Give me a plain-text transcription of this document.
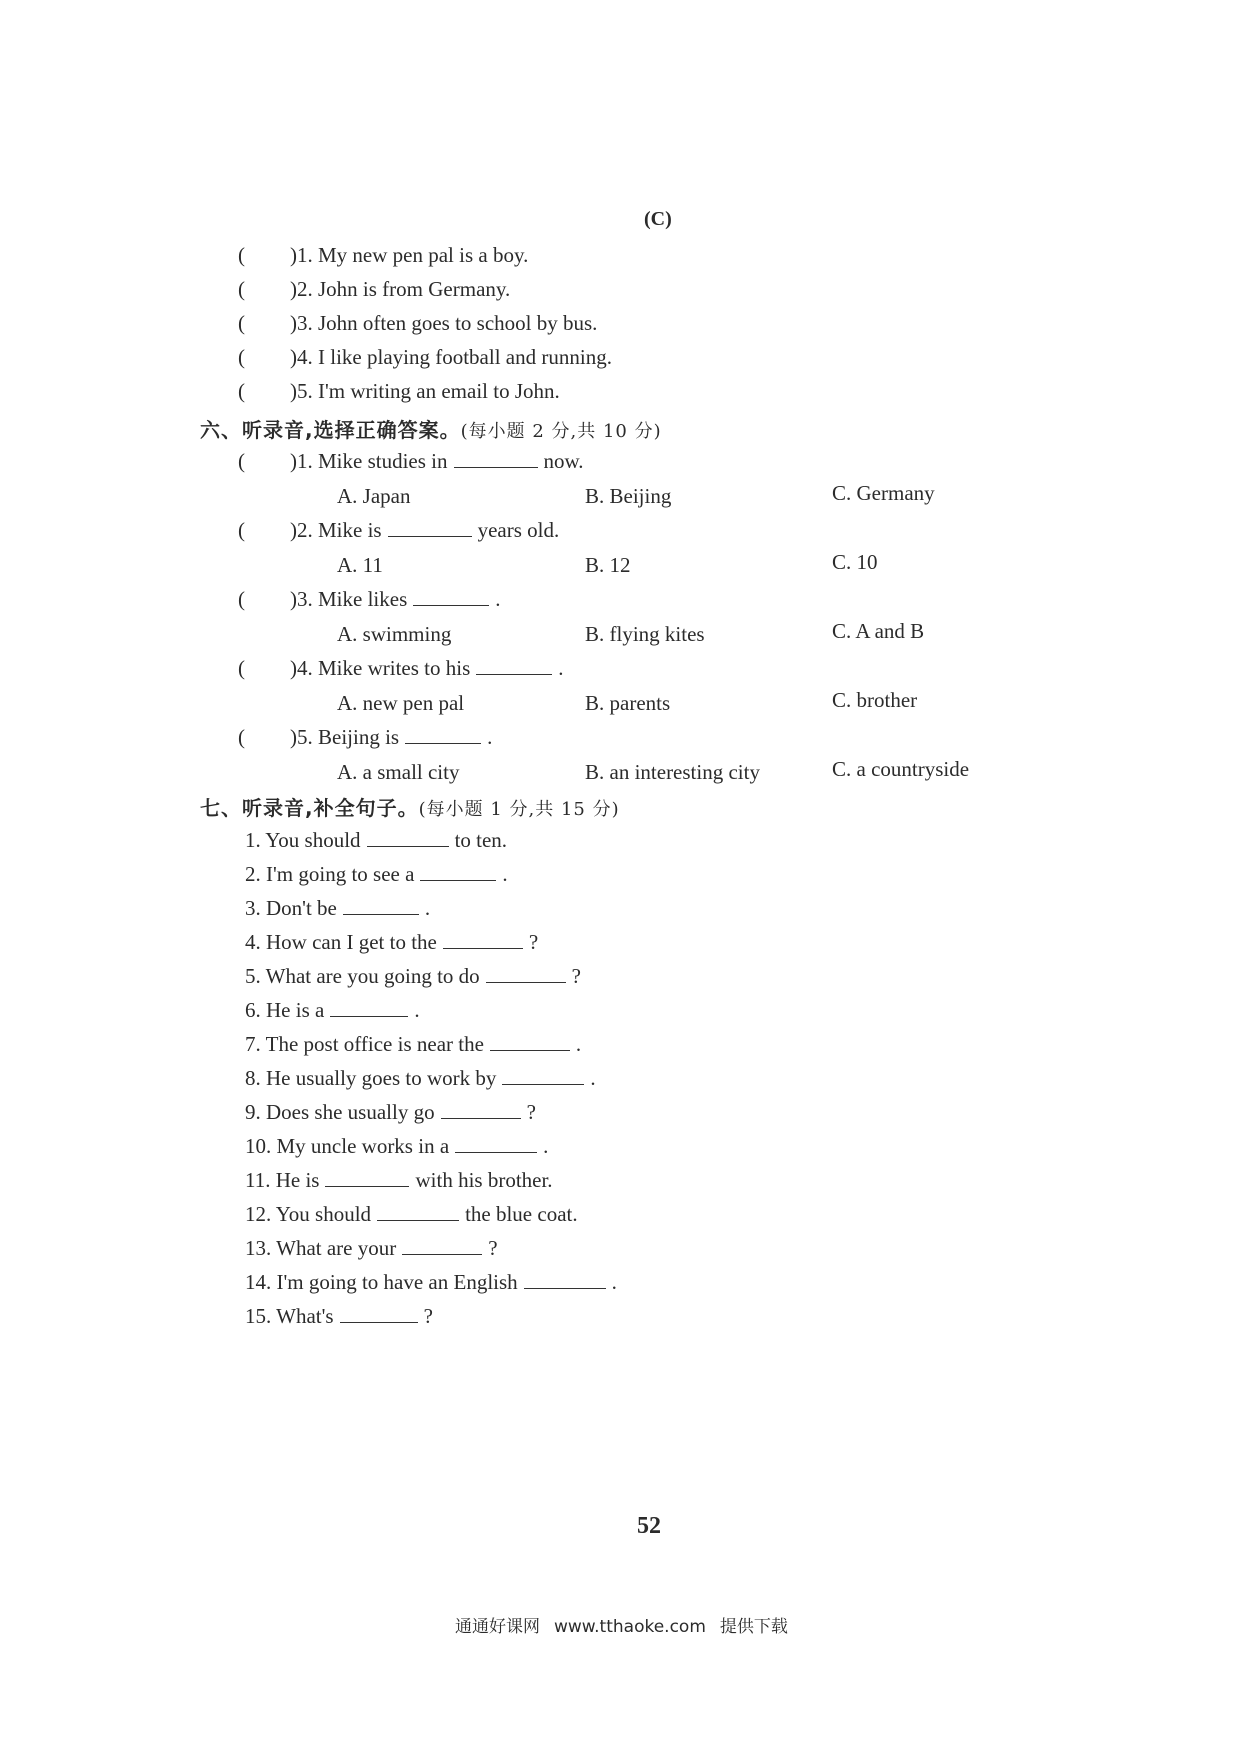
(C)
( )1. My new pen pal is a boy.
( )2. John is from Germany.
( )3. John often goes to school by bus.
( )4. I like playing football and running.
( )5. I'm writing an email to John.
六、听录音,选择正确答案。(每小题 2 分,共 10 分)
( )1. Mike studies in	now.
A. Japan	B. Beijing	C. Germany
( )2. Mike is	years old.
A. 11	B. 12	C. 10
( )3. Mike likes	.
A. swimming	B. flying kites	C. A and B
( )4. Mike writes to his	.
A. new pen pal	B. parents	C. brother
( )5. Beijing is	.
A. a small city	B. an interesting city	C. a countryside
七、听录音,补全句子。(每小题 1 分,共 15 分)
1. You should	to ten.
2. I'm going to see a	.
3. Don't be	.
4. How can I get to the	?
5. What are you going to do	?
6. He is a	.
7. The post office is near the	.
8. He usually goes to work by	.
9. Does she usually go	?
10. My uncle works in a	.
11. He is	with his brother.
12. You should	the blue coat.
13. What are your	?
14. I'm going to have an English	.
15. What's	?
52
通通好课网 www.tthaoke.com 提供下载
